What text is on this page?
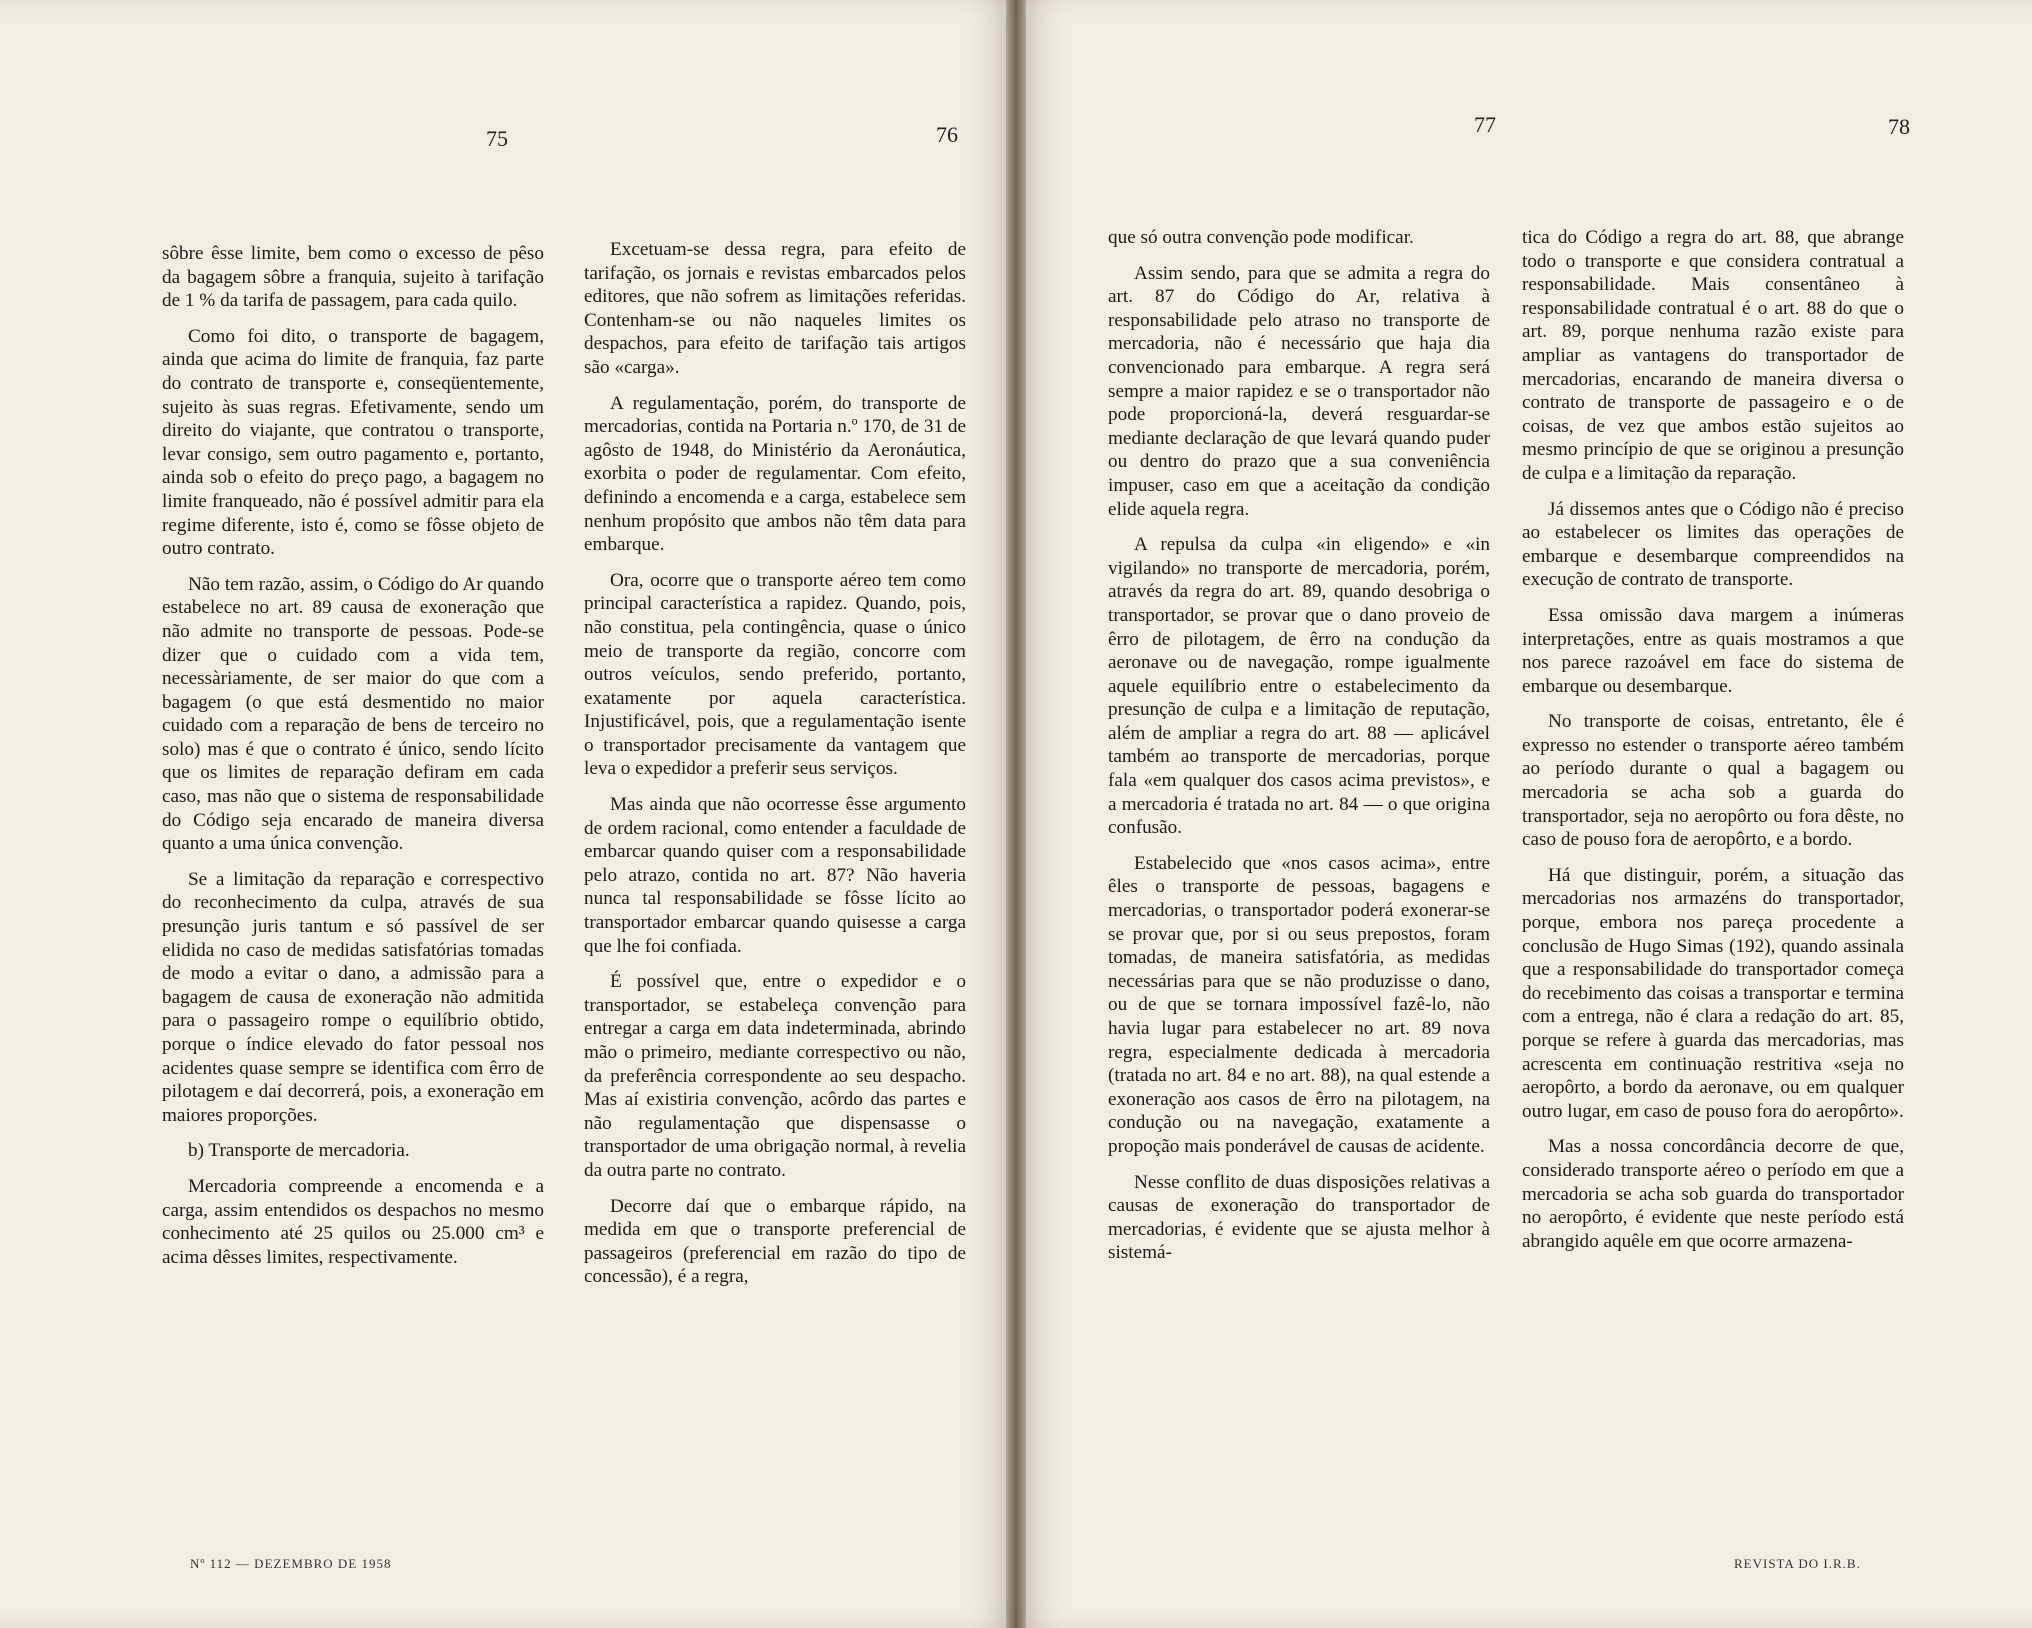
75	76

sôbre êsse limite, bem como o excesso de pêso da bagagem sôbre a franquia, sujeito à tarifação de 1 % da tarifa de passagem, para cada quilo.

Como foi dito, o transporte de bagagem, ainda que acima do limite de franquia, faz parte do contrato de transporte e, conseqüentemente, sujeito às suas regras. Efetivamente, sendo um direito do viajante, que contratou o transporte, levar consigo, sem outro pagamento e, portanto, ainda sob o efeito do preço pago, a bagagem no limite franqueado, não é possível admitir para ela regime diferente, isto é, como se fôsse objeto de outro contrato.

Não tem razão, assim, o Código do Ar quando estabelece no art. 89 causa de exoneração que não admite no transporte de pessoas. Pode-se dizer que o cuidado com a vida tem, necessàriamente, de ser maior do que com a bagagem (o que está desmentido no maior cuidado com a reparação de bens de terceiro no solo) mas é que o contrato é único, sendo lícito que os limites de reparação defiram em cada caso, mas não que o sistema de responsabilidade do Código seja encarado de maneira diversa quanto a uma única convenção.

Se a limitação da reparação e correspectivo do reconhecimento da culpa, através de sua presunção juris tantum e só passível de ser elidida no caso de medidas satisfatórias tomadas de modo a evitar o dano, a admissão para a bagagem de causa de exoneração não admitida para o passageiro rompe o equilíbrio obtido, porque o índice elevado do fator pessoal nos acidentes quase sempre se identifica com êrro de pilotagem e daí decorrerá, pois, a exoneração em maiores proporções.

b) Transporte de mercadoria.

Mercadoria compreende a encomenda e a carga, assim entendidos os despachos no mesmo conhecimento até 25 quilos ou 25.000 cm³ e acima dêsses limites, respectivamente.

Excetuam-se dessa regra, para efeito de tarifação, os jornais e revistas embarcados pelos editores, que não sofrem as limitações referidas. Contenham-se ou não naqueles limites os despachos, para efeito de tarifação tais artigos são «carga».

A regulamentação, porém, do transporte de mercadorias, contida na Portaria n.º 170, de 31 de agôsto de 1948, do Ministério da Aeronáutica, exorbita o poder de regulamentar. Com efeito, definindo a encomenda e a carga, estabelece sem nenhum propósito que ambos não têm data para embarque.

Ora, ocorre que o transporte aéreo tem como principal característica a rapidez. Quando, pois, não constitua, pela contingência, quase o único meio de transporte da região, concorre com outros veículos, sendo preferido, portanto, exatamente por aquela característica. Injustificável, pois, que a regulamentação isente o transportador precisamente da vantagem que leva o expedidor a preferir seus serviços.

Mas ainda que não ocorresse êsse argumento de ordem racional, como entender a faculdade de embarcar quando quiser com a responsabilidade pelo atrazo, contida no art. 87? Não haveria nunca tal responsabilidade se fôsse lícito ao transportador embarcar quando quisesse a carga que lhe foi confiada.

É possível que, entre o expedidor e o transportador, se estabeleça convenção para entregar a carga em data indeterminada, abrindo mão o primeiro, mediante correspectivo ou não, da preferência correspondente ao seu despacho. Mas aí existiria convenção, acôrdo das partes e não regulamentação que dispensasse o transportador de uma obrigação normal, à revelia da outra parte no contrato.

Decorre daí que o embarque rápido, na medida em que o transporte preferencial de passageiros (preferencial em razão do tipo de concessão), é a regra,

Nº 112 — DEZEMBRO DE 1958
77	78

que só outra convenção pode modificar.

Assim sendo, para que se admita a regra do art. 87 do Código do Ar, relativa à responsabilidade pelo atraso no transporte de mercadoria, não é necessário que haja dia convencionado para embarque. A regra será sempre a maior rapidez e se o transportador não pode proporcioná-la, deverá resguardar-se mediante declaração de que levará quando puder ou dentro do prazo que a sua conveniência impuser, caso em que a aceitação da condição elide aquela regra.

A repulsa da culpa «in eligendo» e «in vigilando» no transporte de mercadoria, porém, através da regra do art. 89, quando desobriga o transportador, se provar que o dano proveio de êrro de pilotagem, de êrro na condução da aeronave ou de navegação, rompe igualmente aquele equilíbrio entre o estabelecimento da presunção de culpa e a limitação de reputação, além de ampliar a regra do art. 88 — aplicável também ao transporte de mercadorias, porque fala «em qualquer dos casos acima previstos», e a mercadoria é tratada no art. 84 — o que origina confusão.

Estabelecido que «nos casos acima», entre êles o transporte de pessoas, bagagens e mercadorias, o transportador poderá exonerar-se se provar que, por si ou seus prepostos, foram tomadas, de maneira satisfatória, as medidas necessárias para que se não produzisse o dano, ou de que se tornara impossível fazê-lo, não havia lugar para estabelecer no art. 89 nova regra, especialmente dedicada à mercadoria (tratada no art. 84 e no art. 88), na qual estende a exoneração aos casos de êrro na pilotagem, na condução ou na navegação, exatamente a propoção mais ponderável de causas de acidente.

Nesse conflito de duas disposições relativas a causas de exoneração do transportador de mercadorias, é evidente que se ajusta melhor à sistemá-

tica do Código a regra do art. 88, que abrange todo o transporte e que considera contratual a responsabilidade. Mais consentâneo à responsabilidade contratual é o art. 88 do que o art. 89, porque nenhuma razão existe para ampliar as vantagens do transportador de mercadorias, encarando de maneira diversa o contrato de transporte de passageiro e o de coisas, de vez que ambos estão sujeitos ao mesmo princípio de que se originou a presunção de culpa e a limitação da reparação.

Já dissemos antes que o Código não é preciso ao estabelecer os limites das operações de embarque e desembarque compreendidos na execução de contrato de transporte.

Essa omissão dava margem a inúmeras interpretações, entre as quais mostramos a que nos parece razoável em face do sistema de embarque ou desembarque.

No transporte de coisas, entretanto, êle é expresso no estender o transporte aéreo também ao período durante o qual a bagagem ou mercadoria se acha sob a guarda do transportador, seja no aeropôrto ou fora dêste, no caso de pouso fora de aeropôrto, e a bordo.

Há que distinguir, porém, a situação das mercadorias nos armazéns do transportador, porque, embora nos pareça procedente a conclusão de Hugo Simas (192), quando assinala que a responsabilidade do transportador começa do recebimento das coisas a transportar e termina com a entrega, não é clara a redação do art. 85, porque se refere à guarda das mercadorias, mas acrescenta em continuação restritiva «seja no aeropôrto, a bordo da aeronave, ou em qualquer outro lugar, em caso de pouso fora do aeropôrto».

Mas a nossa concordância decorre de que, considerado transporte aéreo o período em que a mercadoria se acha sob guarda do transportador no aeropôrto, é evidente que neste período está abrangido aquêle em que ocorre armazena-

REVISTA DO I.R.B.
